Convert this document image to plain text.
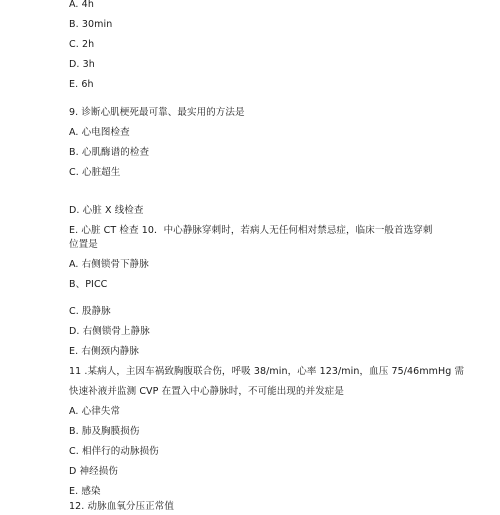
A. 4h
B. 30min
C. 2h
D. 3h
E. 6h
9. 诊断心肌梗死最可靠、最实用的方法是
A. 心电图检查
B. 心肌酶谱的检查
C. 心脏超生
D. 心脏 X 线检查
E. 心脏 CT 检查 10．中心静脉穿刺时，若病人无任何相对禁忌症，临床一般首选穿刺
位置是
A. 右侧锁骨下静脉
B、PICC
C. 股静脉
D. 右侧锁骨上静脉
E. 右侧颈内静脉
11 .某病人，主因车祸致胸腹联合伤，呼吸 38/min，心率 123/min，血压 75/46mmHg 需
快速补液并监测 CVP 在置入中心静脉时，不可能出现的并发症是
A. 心律失常
B. 肺及胸膜损伤
C. 相伴行的动脉损伤
D 神经损伤
E. 感染
12. 动脉血氧分压正常值
